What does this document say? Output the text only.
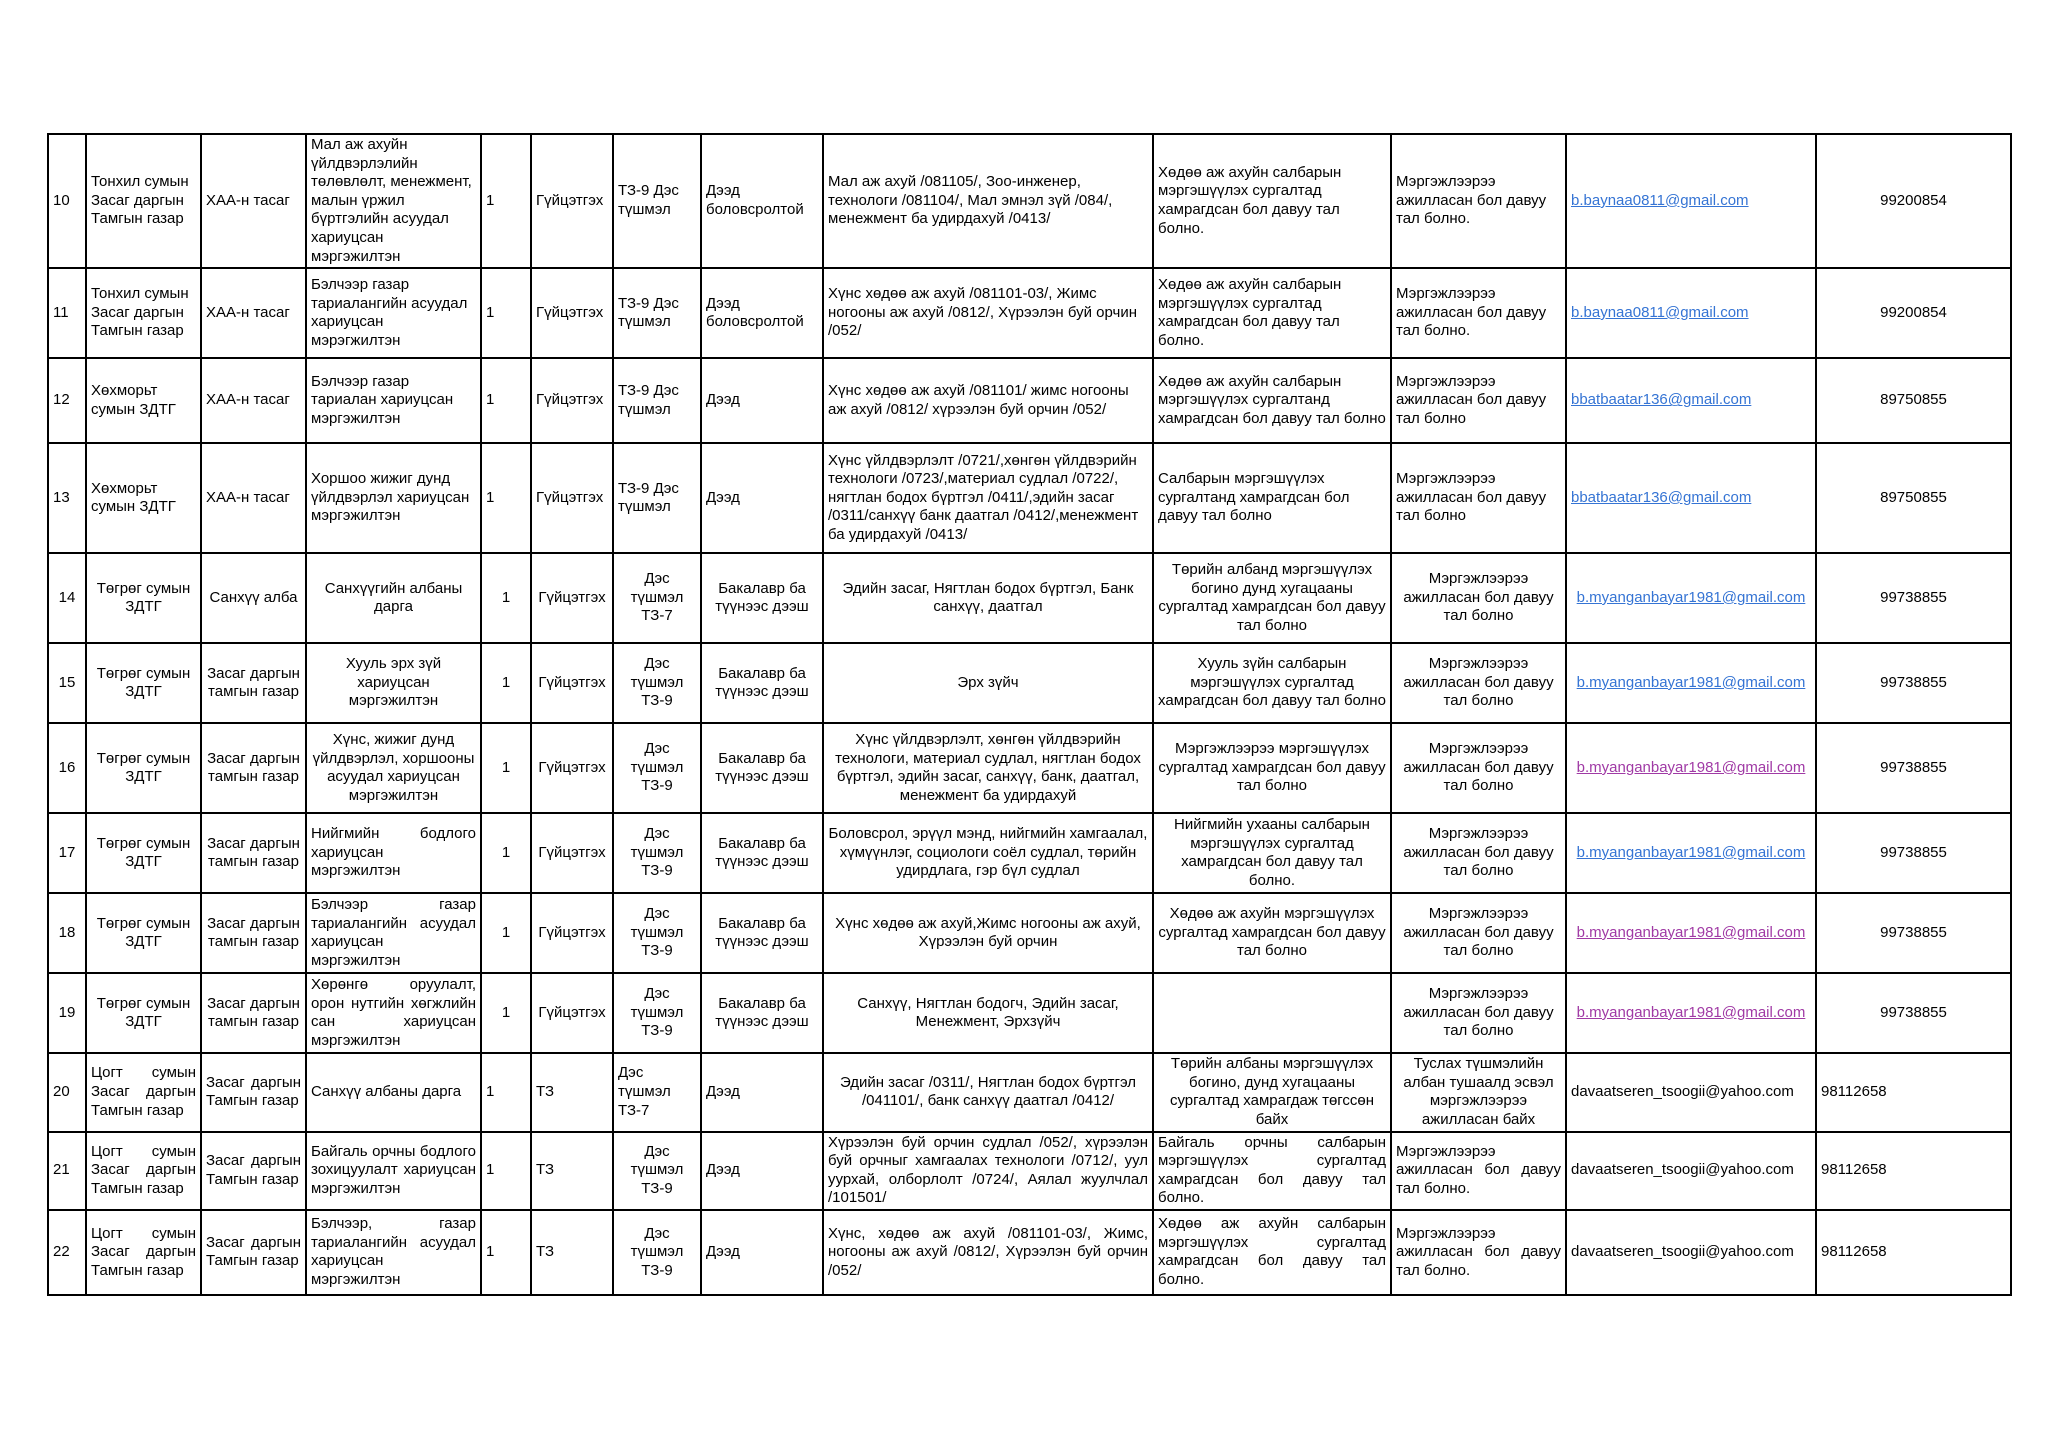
10	Тонхил сумын Засаг даргын Тамгын газар	ХАА-н тасаг	Мал аж ахуйн үйлдвэрлэлийн төлөвлөлт, менежмент, малын үржил бүртгэлийн асуудал хариуцсан мэргэжилтэн	1	Гүйцэтгэх	ТЗ-9 Дэс түшмэл	Дээд боловсролтой	Мал аж ахуй /081105/, Зоо-инженер, технологи /081104/, Мал эмнэл зүй /084/, менежмент ба удирдахуй /0413/	Хөдөө аж ахуйн салбарын мэргэшүүлэх сургалтад хамрагдсан бол давуу тал болно.	Мэргэжлээрээ ажилласан бол давуу тал болно.	b.baynaa0811@gmail.com	99200854
11	Тонхил сумын Засаг даргын Тамгын газар	ХАА-н тасаг	Бэлчээр газар тариалангийн асуудал хариуцсан мэрэгжилтэн	1	Гүйцэтгэх	ТЗ-9 Дэс түшмэл	Дээд боловсролтой	Хүнс хөдөө аж ахуй /081101-03/, Жимс ногооны аж ахуй /0812/, Хүрээлэн буй орчин /052/	Хөдөө аж ахуйн салбарын мэргэшүүлэх сургалтад хамрагдсан бол давуу тал болно.	Мэргэжлээрээ ажилласан бол давуу тал болно.	b.baynaa0811@gmail.com	99200854
12	Хөхморьт сумын ЗДТГ	ХАА-н тасаг	Бэлчээр газар тариалан хариуцсан мэргэжилтэн	1	Гүйцэтгэх	ТЗ-9 Дэс түшмэл	Дээд	Хүнс хөдөө аж ахуй /081101/ жимс ногооны аж ахуй /0812/ хүрээлэн буй орчин /052/	Хөдөө аж ахуйн салбарын мэргэшүүлэх сургалтанд хамрагдсан бол давуу тал болно	Мэргэжлээрээ ажилласан бол давуу тал болно	bbatbaatar136@gmail.com	89750855
13	Хөхморьт сумын ЗДТГ	ХАА-н тасаг	Хоршоо жижиг дунд үйлдвэрлэл хариуцсан мэргэжилтэн	1	Гүйцэтгэх	ТЗ-9 Дэс түшмэл	Дээд	Хүнс үйлдвэрлэлт /0721/,хөнгөн үйлдвэрийн технологи /0723/,материал судлал /0722/, нягтлан бодох бүртгэл /0411/,эдийн засаг /0311/санхүү банк даатгал /0412/,менежмент ба удирдахуй /0413/	Салбарын мэргэшүүлэх сургалтанд хамрагдсан бол давуу тал болно	Мэргэжлээрээ ажилласан бол давуу тал болно	bbatbaatar136@gmail.com	89750855
14	Төгрөг сумын ЗДТГ	Санхүү алба	Санхүүгийн албаны дарга	1	Гүйцэтгэх	Дэс түшмэл ТЗ-7	Бакалавр ба түүнээс дээш	Эдийн засаг, Нягтлан бодох бүртгэл, Банк санхүү, даатгал	Төрийн албанд мэргэшүүлэх богино дунд хугацааны сургалтад хамрагдсан бол давуу тал болно	Мэргэжлээрээ ажилласан бол давуу тал болно	b.myanganbayar1981@gmail.com	99738855
15	Төгрөг сумын ЗДТГ	Засаг даргын тамгын газар	Хууль эрх зүй хариуцсан мэргэжилтэн	1	Гүйцэтгэх	Дэс түшмэл ТЗ-9	Бакалавр ба түүнээс дээш	Эрх зүйч	Хууль зүйн салбарын мэргэшүүлэх сургалтад хамрагдсан бол давуу тал болно	Мэргэжлээрээ ажилласан бол давуу тал болно	b.myanganbayar1981@gmail.com	99738855
16	Төгрөг сумын ЗДТГ	Засаг даргын тамгын газар	Хүнс, жижиг дунд үйлдвэрлэл, хоршооны асуудал хариуцсан мэргэжилтэн	1	Гүйцэтгэх	Дэс түшмэл ТЗ-9	Бакалавр ба түүнээс дээш	Хүнс үйлдвэрлэлт, хөнгөн үйлдвэрийн технологи, материал судлал, нягтлан бодох бүртгэл, эдийн засаг, санхүү, банк, даатгал, менежмент ба удирдахуй	Мэргэжлээрээ мэргэшүүлэх сургалтад хамрагдсан бол давуу тал болно	Мэргэжлээрээ ажилласан бол давуу тал болно	b.myanganbayar1981@gmail.com	99738855
17	Төгрөг сумын ЗДТГ	Засаг даргын тамгын газар	Нийгмийн бодлого хариуцсан мэргэжилтэн	1	Гүйцэтгэх	Дэс түшмэл ТЗ-9	Бакалавр ба түүнээс дээш	Боловсрол, эрүүл мэнд, нийгмийн хамгаалал, хүмүүнлэг, социологи соёл судлал, төрийн удирдлага, гэр бүл судлал	Нийгмийн ухааны салбарын мэргэшүүлэх сургалтад хамрагдсан бол давуу тал болно.	Мэргэжлээрээ ажилласан бол давуу тал болно	b.myanganbayar1981@gmail.com	99738855
18	Төгрөг сумын ЗДТГ	Засаг даргын тамгын газар	Бэлчээр газар тариалангийн асуудал хариуцсан мэргэжилтэн	1	Гүйцэтгэх	Дэс түшмэл ТЗ-9	Бакалавр ба түүнээс дээш	Хүнс хөдөө аж ахуй,Жимс ногооны аж ахуй, Хүрээлэн буй орчин	Хөдөө аж ахуйн мэргэшүүлэх сургалтад хамрагдсан бол давуу тал болно	Мэргэжлээрээ ажилласан бол давуу тал болно	b.myanganbayar1981@gmail.com	99738855
19	Төгрөг сумын ЗДТГ	Засаг даргын тамгын газар	Хөрөнгө оруулалт, орон нутгийн хөгжлийн сан хариуцсан мэргэжилтэн	1	Гүйцэтгэх	Дэс түшмэл ТЗ-9	Бакалавр ба түүнээс дээш	Санхүү, Нягтлан бодогч, Эдийн засаг, Менежмент, Эрхзүйч		Мэргэжлээрээ ажилласан бол давуу тал болно	b.myanganbayar1981@gmail.com	99738855
20	Цогт сумын Засаг даргын Тамгын газар	Засаг даргын Тамгын газар	Санхүү албаны дарга	1	ТЗ	Дэс түшмэл ТЗ-7	Дээд	Эдийн засаг /0311/, Нягтлан бодох бүртгэл /041101/, банк санхүү даатгал /0412/	Төрийн албаны мэргэшүүлэх богино, дунд хугацааны сургалтад хамрагдаж төгссөн байх	Туслах түшмэлийн албан тушаалд эсвэл мэргэжлээрээ ажилласан байх	davaatseren_tsoogii@yahoo.com	98112658
21	Цогт сумын Засаг даргын Тамгын газар	Засаг даргын Тамгын газар	Байгаль орчны бодлого зохицуулалт хариуцсан мэргэжилтэн	1	ТЗ	Дэс түшмэл ТЗ-9	Дээд	Хүрээлэн буй орчин судлал /052/, хүрээлэн буй орчныг хамгаалах технологи /0712/, уул уурхай, олборлолт /0724/, Аялал жуулчлал /101501/	Байгаль орчны салбарын мэргэшүүлэх сургалтад хамрагдсан бол давуу тал болно.	Мэргэжлээрээ ажилласан бол давуу тал болно.	davaatseren_tsoogii@yahoo.com	98112658
22	Цогт сумын Засаг даргын Тамгын газар	Засаг даргын Тамгын газар	Бэлчээр, газар тариалангийн асуудал хариуцсан мэргэжилтэн	1	ТЗ	Дэс түшмэл ТЗ-9	Дээд	Хүнс, хөдөө аж ахуй /081101-03/, Жимс, ногооны аж ахуй /0812/, Хүрээлэн буй орчин /052/	Хөдөө аж ахуйн салбарын мэргэшүүлэх сургалтад хамрагдсан бол давуу тал болно.	Мэргэжлээрээ ажилласан бол давуу тал болно.	davaatseren_tsoogii@yahoo.com	98112658
